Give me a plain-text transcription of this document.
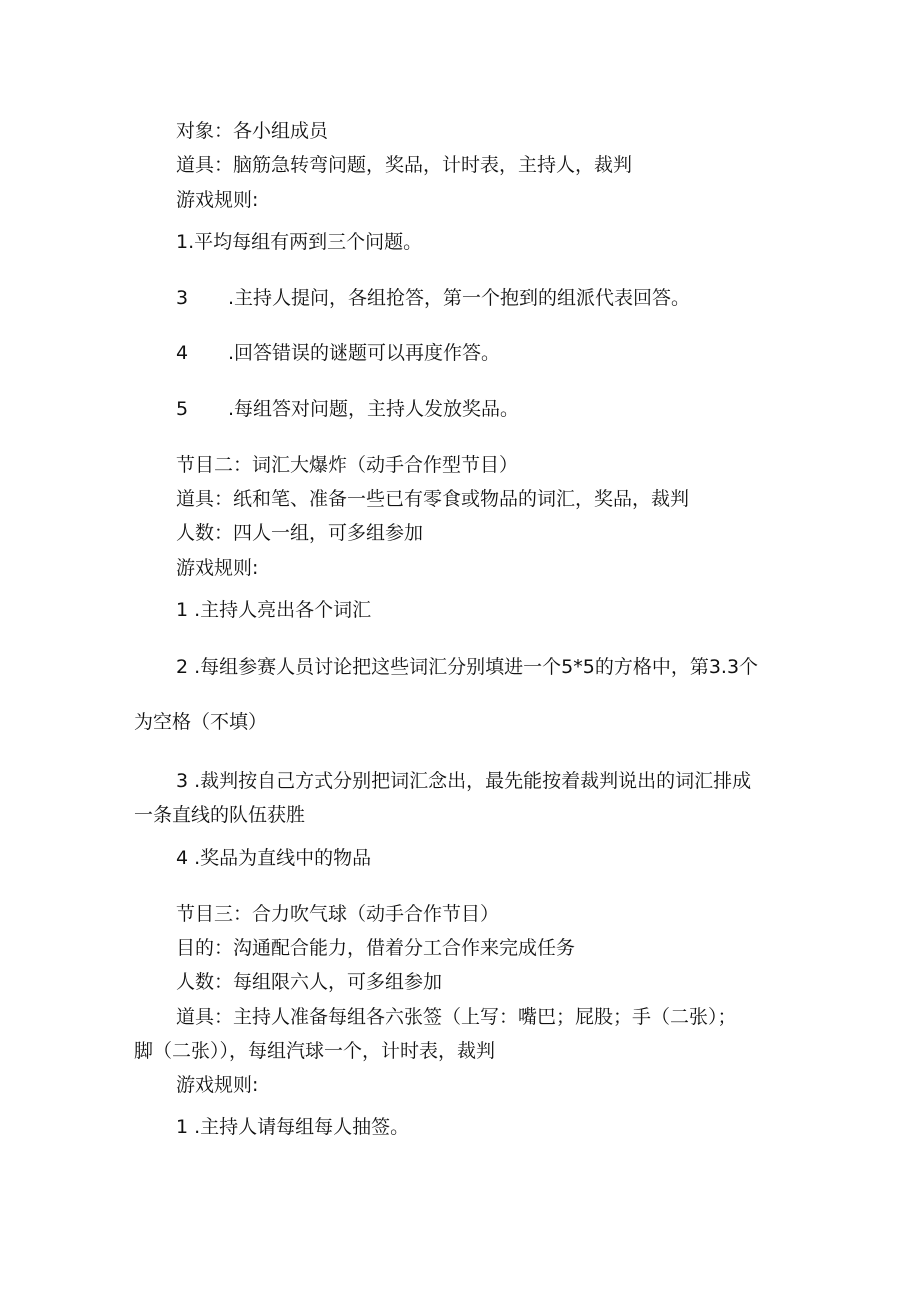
对象：各小组成员

道具：脑筋急转弯问题，奖品，计时表，主持人，裁判

游戏规则:

1.平均每组有两到三个问题。

3 .主持人提问，各组抢答，第一个抱到的组派代表回答。

4 .回答错误的谜题可以再度作答。

5 .每组答对问题，主持人发放奖品。

节目二：词汇大爆炸（动手合作型节目）

道具：纸和笔、准备一些已有零食或物品的词汇，奖品，裁判

人数：四人一组，可多组参加

游戏规则:

1 .主持人亮出各个词汇

2 .每组参赛人员讨论把这些词汇分别填进一个5*5的方格中，第3.3个

为空格（不填）

3 .裁判按自己方式分别把词汇念出，最先能按着裁判说出的词汇排成

一条直线的队伍获胜

4 .奖品为直线中的物品

节目三：合力吹气球（动手合作节目）

目的：沟通配合能力，借着分工合作来完成任务

人数：每组限六人，可多组参加

道具：主持人准备每组各六张签（上写：嘴巴；屁股；手（二张）；

脚（二张）），每组汽球一个，计时表，裁判

游戏规则:

1 .主持人请每组每人抽签。
